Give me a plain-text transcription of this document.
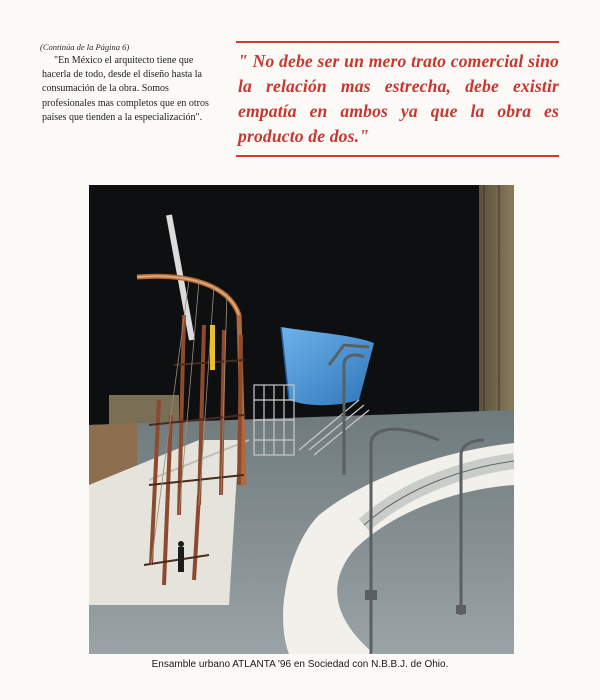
(Continúa de la Página 6)
"En México el arquitecto tiene que hacerla de todo, desde el diseño hasta la consumación de la obra. Somos profesionales mas completos que en otros países que tienden a la especialización".
" No debe ser un mero trato comercial sino la relación mas estrecha, debe existir empatía en ambos ya que la obra es producto de dos."
Ensamble urbano ATLANTA '96 en Sociedad con N.B.B.J. de Ohio.
